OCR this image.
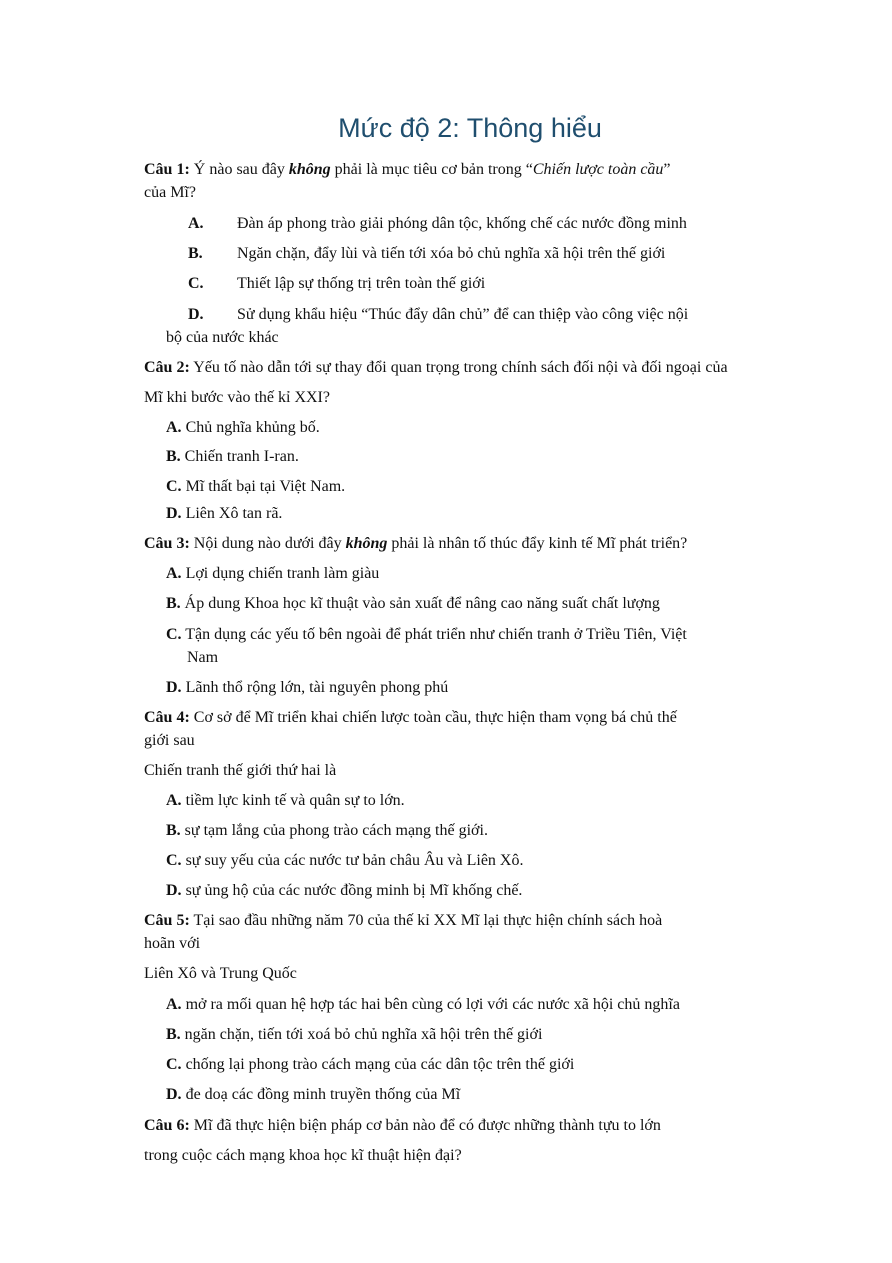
Mức độ 2: Thông hiểu
Câu 1: Ý nào sau đây không phải là mục tiêu cơ bản trong “Chiến lược toàn cầu”
của Mĩ?
A. Đàn áp phong trào giải phóng dân tộc, khống chế các nước đồng minh
B. Ngăn chặn, đẩy lùi và tiến tới xóa bỏ chủ nghĩa xã hội trên thế giới
C. Thiết lập sự thống trị trên toàn thế giới
D. Sử dụng khẩu hiệu “Thúc đẩy dân chủ” để can thiệp vào công việc nội
bộ của nước khác
Câu 2: Yếu tố nào dẫn tới sự thay đổi quan trọng trong chính sách đối nội và đối ngoại của
Mĩ khi bước vào thế kỉ XXI?
A. Chủ nghĩa khủng bố.
B. Chiến tranh I-ran.
C. Mĩ thất bại tại Việt Nam.
D. Liên Xô tan rã.
Câu 3: Nội dung nào dưới đây không phải là nhân tố thúc đẩy kinh tế Mĩ phát triển?
A. Lợi dụng chiến tranh làm giàu
B. Áp dung Khoa học kĩ thuật vào sản xuất để nâng cao năng suất chất lượng
C. Tận dụng các yếu tố bên ngoài để phát triển như chiến tranh ở Triều Tiên, Việt
Nam
D. Lãnh thổ rộng lớn, tài nguyên phong phú
Câu 4: Cơ sở để Mĩ triển khai chiến lược toàn cầu, thực hiện tham vọng bá chủ thế
giới sau
Chiến tranh thế giới thứ hai là
A. tiềm lực kinh tế và quân sự to lớn.
B. sự tạm lắng của phong trào cách mạng thế giới.
C. sự suy yếu của các nước tư bản châu Âu và Liên Xô.
D. sự ủng hộ của các nước đồng minh bị Mĩ khống chế.
Câu 5: Tại sao đầu những năm 70 của thế kỉ XX Mĩ lại thực hiện chính sách hoà
hoãn với
Liên Xô và Trung Quốc
A. mở ra mối quan hệ hợp tác hai bên cùng có lợi với các nước xã hội chủ nghĩa
B. ngăn chặn, tiến tới xoá bỏ chủ nghĩa xã hội trên thế giới
C. chống lại phong trào cách mạng của các dân tộc trên thế giới
D. đe doạ các đồng minh truyền thống của Mĩ
Câu 6: Mĩ đã thực hiện biện pháp cơ bản nào để có được những thành tựu to lớn
trong cuộc cách mạng khoa học kĩ thuật hiện đại?
